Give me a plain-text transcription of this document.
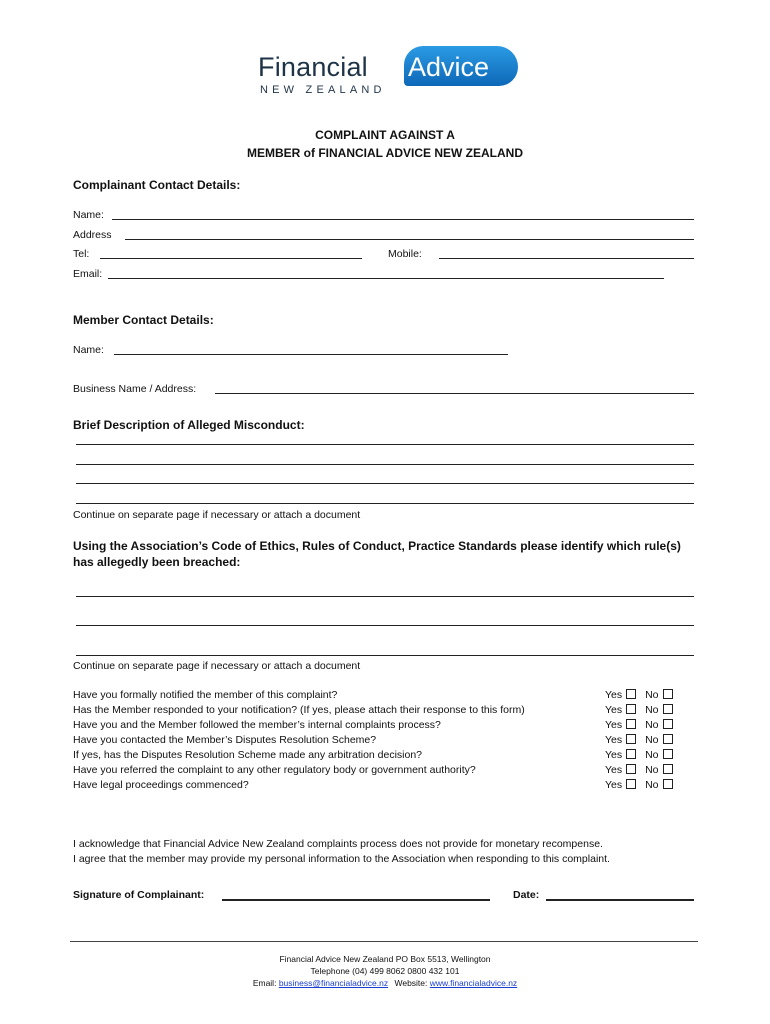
Financial Advice
NEW ZEALAND
COMPLAINT AGAINST A
MEMBER of FINANCIAL ADVICE NEW ZEALAND
Complainant Contact Details:
Name:
Address
Tel:	Mobile:
Email:
Member Contact Details:
Name:
Business Name / Address:
Brief Description of Alleged Misconduct:
Continue on separate page if necessary or attach a document
Using the Association’s Code of Ethics, Rules of Conduct, Practice Standards please identify which rule(s)
has allegedly been breached:
Continue on separate page if necessary or attach a document
Have you formally notified the member of this complaint?
Has the Member responded to your notification? (If yes, please attach their response to this form)
Have you and the Member followed the member’s internal complaints process?
Have you contacted the Member’s Disputes Resolution Scheme?
If yes, has the Disputes Resolution Scheme made any arbitration decision?
Have you referred the complaint to any other regulatory body or government authority?
Have legal proceedings commenced?
Yes No
Yes No
Yes No
Yes No
Yes No
Yes No
Yes No
I acknowledge that Financial Advice New Zealand complaints process does not provide for monetary recompense.
I agree that the member may provide my personal information to the Association when responding to this complaint.
Signature of Complainant:	Date:
Financial Advice New Zealand PO Box 5513, Wellington
Telephone (04) 499 8062 0800 432 101
Email: business@financialadvice.nz Website: www.financialadvice.nz
